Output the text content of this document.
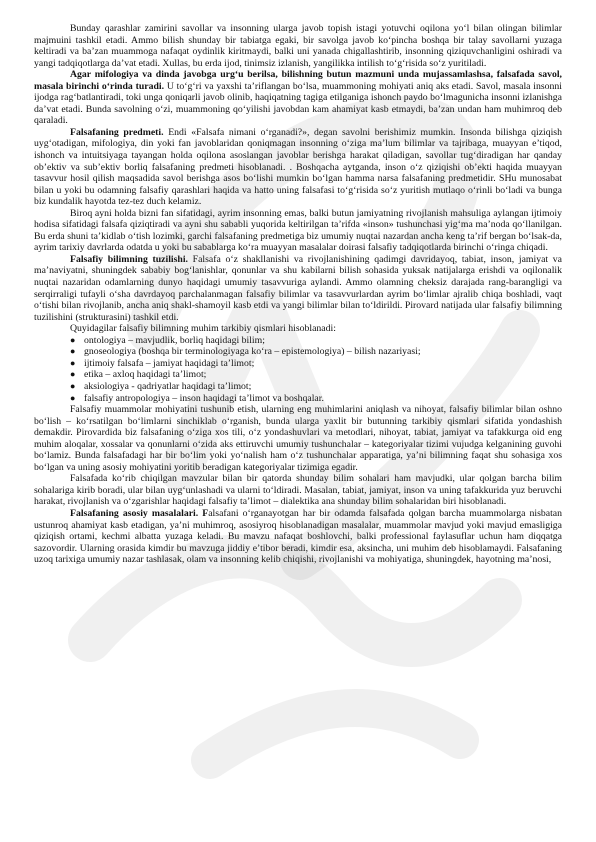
Bunday qarashlar zamirini savollar va insonning ularga javob topish istagi yotuvchi oqilona yo‘l bilan olingan bilimlar majmuini tashkil etadi. Ammo bilish shunday bir tabiatga egaki, bir savolga javob ko‘pincha boshqa bir talay savollarni yuzaga keltiradi va ba’zan muammoga nafaqat oydinlik kiritmaydi, balki uni yanada chigallashtirib, insonning qiziquvchanligini oshiradi va yangi tadqiqotlarga da’vat etadi. Xullas, bu erda ijod, tinimsiz izlanish, yangilikka intilish to‘g‘risida so‘z yuritiladi.

Agar mifologiya va dinda javobga urg‘u berilsa, bilishning butun mazmuni unda mujassamlashsa, falsafada savol, masala birinchi o‘rinda turadi. U to‘g‘ri va yaxshi ta’riflangan bo‘lsa, muammoning mohiyati aniq aks etadi. Savol, masala insonni ijodga rag‘batlantiradi, toki unga qoniqarli javob olinib, haqiqatning tagiga etilganiga ishonch paydo bo‘lmagunicha insonni izlanishga da’vat etadi. Bunda savolning o‘zi, muammoning qo‘yilishi javobdan kam ahamiyat kasb etmaydi, ba’zan undan ham muhimroq deb qaraladi.

Falsafaning predmeti. Endi «Falsafa nimani o‘rganadi?», degan savolni berishimiz mumkin. Insonda bilishga qiziqish uyg‘otadigan, mifologiya, din yoki fan javoblaridan qoniqmagan insonning o‘ziga ma’lum bilimlar va tajribaga, muayyan e’tiqod, ishonch va intuitsiyaga tayangan holda oqilona asoslangan javoblar berishga harakat qiladigan, savollar tug‘diradigan har qanday ob’ektiv va sub’ektiv borliq falsafaning predmeti hisoblanadi. . Boshqacha aytganda, inson o‘z qiziqishi ob’ekti haqida muayyan tasavvur hosil qilish maqsadida savol berishga asos bo‘lishi mumkin bo‘lgan hamma narsa falsafaning predmetidir. SHu munosabat bilan u yoki bu odamning falsafiy qarashlari haqida va hatto uning falsafasi to‘g‘risida so‘z yuritish mutlaqo o‘rinli bo‘ladi va bunga biz kundalik hayotda tez-tez duch kelamiz.

Biroq ayni holda bizni fan sifatidagi, ayrim insonning emas, balki butun jamiyatning rivojlanish mahsuliga aylangan ijtimoiy hodisa sifatidagi falsafa qiziqtiradi va ayni shu sababli yuqorida keltirilgan ta’rifda «inson» tushunchasi yig‘ma ma’noda qo‘llanilgan. Bu erda shuni ta’kidlab o‘tish lozimki, garchi falsafaning predmetiga biz umumiy nuqtai nazardan ancha keng ta’rif bergan bo‘lsak-da, ayrim tarixiy davrlarda odatda u yoki bu sabablarga ko‘ra muayyan masalalar doirasi falsafiy tadqiqotlarda birinchi o‘ringa chiqadi.

Falsafiy bilimning tuzilishi. Falsafa o‘z shakllanishi va rivojlanishining qadimgi davridayoq, tabiat, inson, jamiyat va ma’naviyatni, shuningdek sababiy bog‘lanishlar, qonunlar va shu kabilarni bilish sohasida yuksak natijalarga erishdi va oqilonalik nuqtai nazaridan odamlarning dunyo haqidagi umumiy tasavvuriga aylandi. Ammo olamning cheksiz darajada rang-barangligi va serqirraligi tufayli o‘sha davrdayoq parchalanmagan falsafiy bilimlar va tasavvurlardan ayrim bo‘limlar ajralib chiqa boshladi, vaqt o‘tishi bilan rivojlanib, ancha aniq shakl-shamoyil kasb etdi va yangi bilimlar bilan to‘ldirildi. Pirovard natijada ular falsafiy bilimning tuzilishini (strukturasini) tashkil etdi.

Quyidagilar falsafiy bilimning muhim tarkibiy qismlari hisoblanadi:

● ontologiya – mavjudlik, borliq haqidagi bilim;
● gnoseologiya (boshqa bir terminologiyaga ko‘ra – epistemologiya) – bilish nazariyasi;
● ijtimoiy falsafa – jamiyat haqidagi ta’limot;
● etika – axloq haqidagi ta’limot;
● aksiologiya - qadriyatlar haqidagi ta’limot;
● falsafiy antropologiya – inson haqidagi ta’limot va boshqalar.

Falsafiy muammolar mohiyatini tushunib etish, ularning eng muhimlarini aniqlash va nihoyat, falsafiy bilimlar bilan oshno bo‘lish – ko‘rsatilgan bo‘limlarni sinchiklab o‘rganish, bunda ularga yaxlit bir butunning tarkibiy qismlari sifatida yondashish demakdir. Pirovardida biz falsafaning o‘ziga xos tili, o‘z yondashuvlari va metodlari, nihoyat, tabiat, jamiyat va tafakkurga oid eng muhim aloqalar, xossalar va qonunlarni o‘zida aks ettiruvchi umumiy tushunchalar – kategoriyalar tizimi vujudga kelganining guvohi bo‘lamiz. Bunda falsafadagi har bir bo‘lim yoki yo‘nalish ham o‘z tushunchalar apparatiga, ya’ni bilimning faqat shu sohasiga xos bo‘lgan va uning asosiy mohiyatini yoritib beradigan kategoriyalar tizimiga egadir.

Falsafada ko‘rib chiqilgan mavzular bilan bir qatorda shunday bilim sohalari ham mavjudki, ular qolgan barcha bilim sohalariga kirib boradi, ular bilan uyg‘unlashadi va ularni to‘ldiradi. Masalan, tabiat, jamiyat, inson va uning tafakkurida yuz beruvchi harakat, rivojlanish va o‘zgarishlar haqidagi falsafiy ta’limot – dialektika ana shunday bilim sohalaridan biri hisoblanadi.

Falsafaning asosiy masalalari. Falsafani o‘rganayotgan har bir odamda falsafada qolgan barcha muammolarga nisbatan ustunroq ahamiyat kasb etadigan, ya’ni muhimroq, asosiyroq hisoblanadigan masalalar, muammolar mavjud yoki mavjud emasligiga qiziqish ortami, kechmi albatta yuzaga keladi. Bu mavzu nafaqat boshlovchi, balki professional faylasuflar uchun ham diqqatga sazovordir. Ularning orasida kimdir bu mavzuga jiddiy e’tibor beradi, kimdir esa, aksincha, uni muhim deb hisoblamaydi. Falsafaning uzoq tarixiga umumiy nazar tashlasak, olam va insonning kelib chiqishi, rivojlanishi va mohiyatiga, shuningdek, hayotning ma’nosi,
